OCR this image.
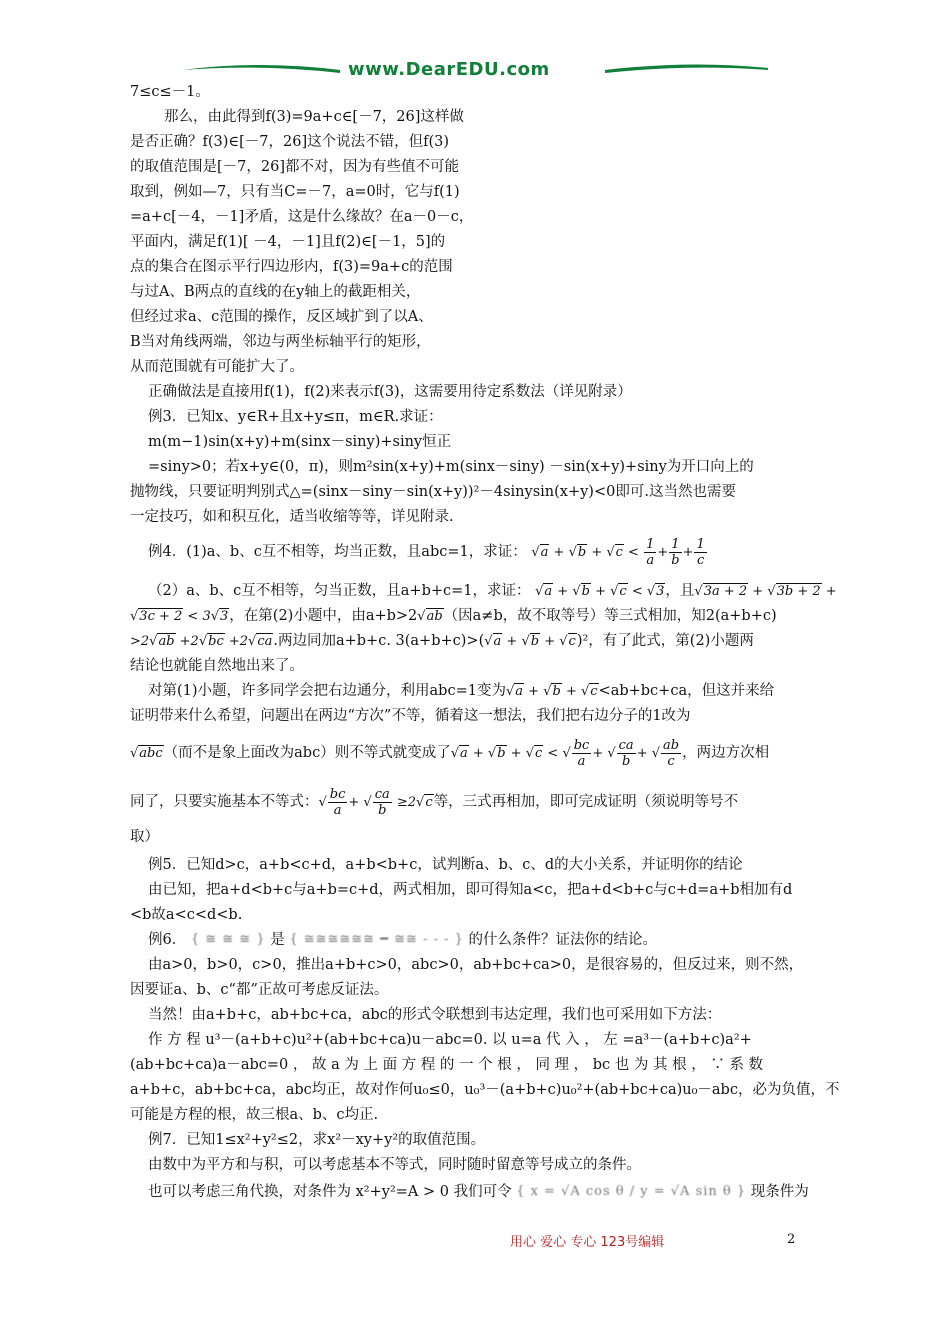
www.DearEDU.com
7≤c≤－1。
那么，由此得到f(3)=9a+c∈[－7，26]这样做
是否正确？f(3)∈[－7，26]这个说法不错，但f(3)
的取值范围是[－7，26]都不对，因为有些值不可能
取到，例如—7，只有当C=－7，a=0时，它与f(1)
=a+c[－4，－1]矛盾，这是什么缘故？在a－0－c，
平面内，满足f(1)[ －4，－1]且f(2)∈[－1，5]的
点的集合在图示平行四边形内，f(3)=9a+c的范围
与过A、B两点的直线的在y轴上的截距相关，
但经过求a、c范围的操作，反区域扩到了以A、
B当对角线两端，邻边与两坐标轴平行的矩形，
从而范围就有可能扩大了。
正确做法是直接用f(1)，f(2)来表示f(3)，这需要用待定系数法（详见附录）
例3．已知x、y∈R+且x+y≤π，m∈R.求证：
m(m−1)sin(x+y)+m(sinx－siny)+siny恒正
=siny>0；若x+y∈(0，π)，则m²sin(x+y)+m(sinx－siny) －sin(x+y)+siny为开口向上的
抛物线，只要证明判别式△=(sinx－siny－sin(x+y))²－4sinysin(x+y)<0即可.这当然也需要
一定技巧，如和积互化，适当收缩等等，详见附录.
例4．(1)a、b、c互不相等，均当正数，且abc=1，求证： $√a + √b + √c < \frac{1}{a} + \frac{1}{b} + \frac{1}{c}$
（2）a、b、c互不相等，匀当正数，且a+b+c=1，求证： √a + √b + √c < √3，且√3a + 2 + √3b + 2 +
√3c + 2 < 3√3，在第(2)小题中，由a+b>2√ab（因a≠b，故不取等号）等三式相加，知2(a+b+c)
>2√ab +2√bc +2√ca.两边同加a+b+c. 3(a+b+c)>(√a + √b + √c)²，有了此式，第(2)小题两
结论也就能自然地出来了。
对第(1)小题，许多同学会把右边通分，利用abc=1变为√a + √b + √c<ab+bc+ca，但这并来给
证明带来什么希望，问题出在两边“方次”不等，循着这一想法，我们把右边分子的1改为
√abc（而不是象上面改为abc）则不等式就变成了√a + √b + √c < √ $\frac{bc}{a}$ + √ $\frac{ca}{b}$ + √ $\frac{ab}{c}$ ，两边方次相
同了，只要实施基本不等式：√ $\frac{bc}{a}$ + √ $\frac{ca}{b} \ge 2√c$等，三式再相加，即可完成证明（须说明等号不
取）
例5．已知d>c，a+b<c+d，a+b<b+c，试判断a、b、c、d的大小关系，并证明你的结论
由已知，把a+d<b+c与a+b=c+d，两式相加，即可得知a<c，把a+d<b+c与c+d=a+b相加有d
<b故a<c<d<b.
例6． { ≅ ≅ ≅ } 是 { ≅≅≅≅≅≅ ━ ≅≅ - - - } 的什么条件？证法你的结论。
由a>0，b>0，c>0，推出a+b+c>0，abc>0，ab+bc+ca>0，是很容易的，但反过来，则不然，
因要证a、b、c“都”正故可考虑反证法。
当然！由a+b+c，ab+bc+ca，abc的形式令联想到韦达定理，我们也可采用如下方法：
作 方 程 u³－(a+b+c)u²+(ab+bc+ca)u－abc=0. 以 u=a 代 入 ， 左 =a³－(a+b+c)a²+
(ab+bc+ca)a－abc=0 ， 故 a 为 上 面 方 程 的 一 个 根 ， 同 理 ， bc 也 为 其 根 ， ∵ 系 数
a+b+c，ab+bc+ca，abc均正，故对作何u₀≤0，u₀³－(a+b+c)u₀²+(ab+bc+ca)u₀－abc，必为负值，不
可能是方程的根，故三根a、b、c均正.
例7．已知1≤x²+y²≤2，求x²－xy+y²的取值范围。
由数中为平方和与积，可以考虑基本不等式，同时随时留意等号成立的条件。
也可以考虑三角代换，对条件为 x²+y²=A > 0 我们可令 { x = √A cos θ / y = √A sin θ } 现条件为
用心 爱心 专心 123号编辑	2
